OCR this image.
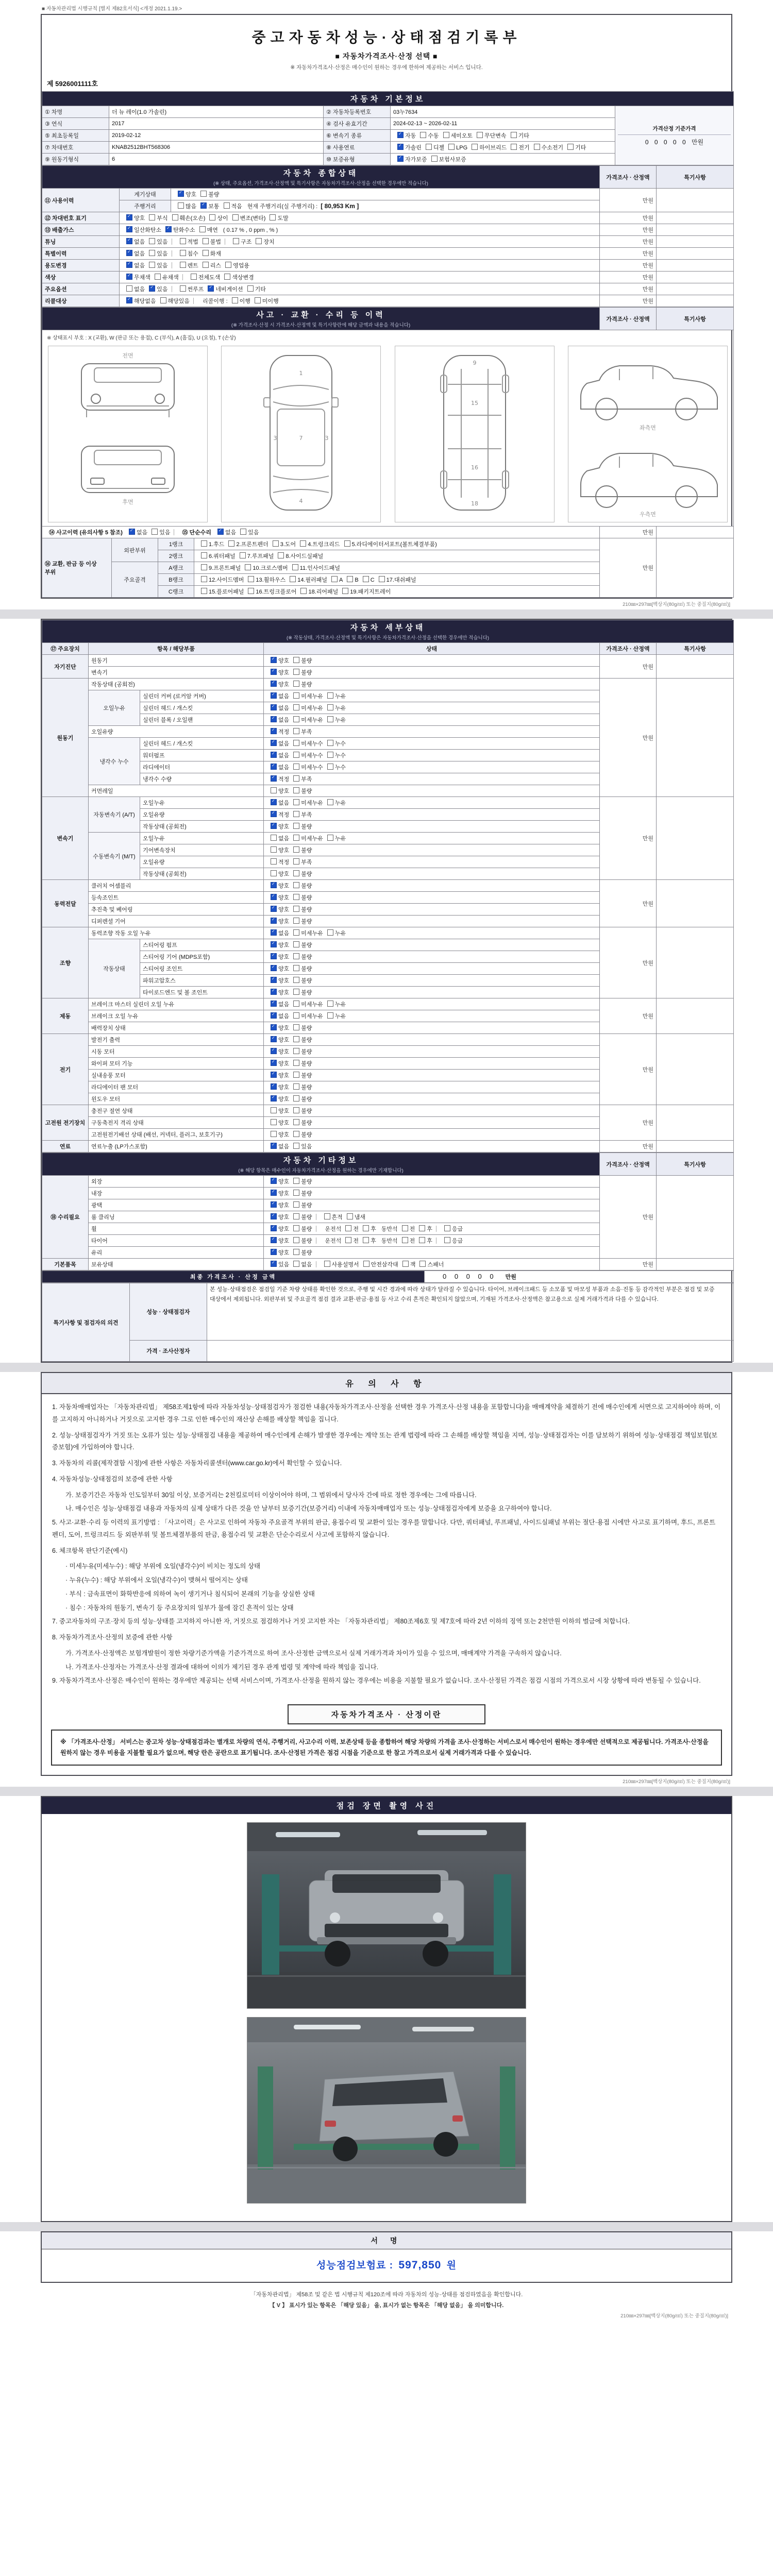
■ 자동차관리법 시행규칙 [별지 제82호서식] <개정 2021.1.19.>
중고자동차성능·상태점검기록부
■ 자동차가격조사·산정 선택 ■
※ 자동차가격조사·산정은 매수인이 원하는 경우에 한하여 제공하는 서비스 입니다.
제 5926001111호
자동차 기본정보				

① 차명	더 뉴 레이(1.0 가솔린)	② 자동차등록번호	03누7634	가격산정 기준가격
0 0 0 0 0 만원

③ 연식	2017	④ 검사 유효기간	2024-02-13 ~ 2026-02-11	
⑤ 최초등록일	2019-02-12	⑥ 변속기 종류	✓자동 수동 세미오토 무단변속 기타
⑦ 차대번호	KNAB2512BHT568306	⑧ 사용연료	✓가솔린 디젤 LPG 하이브리드 전기 수소전기 기타
⑨ 원동기형식	6	⑩ 보증유형	✓자가보증 보험사보증
자동차 종합상태
(※ 상태, 주요옵션, 가격조사·산정액 및 특기사항은 자동차가격조사·산정을 선택한 경우에만 적습니다)			가격조사 · 산정액	특기사항
⑪ 사용이력	계기상태	✓양호 불량	만원	
	주행거리	많음 ✓ 보통 적음 현재 주행거리(실 주행거리) : [ 80,953 Km ]
⑫ 차대번호 표기	✓양호 부식 훼손(오손) 상이 변조(변타) 도말		만원	
⑬ 배출가스	✓일산화탄소 ✓ 탄화수소 매연 ( 0.17 % , 0 ppm , % )		만원	
튜닝	✓없음 있음 적법 불법 구조 장치		만원	
특별이력	✓없음 있음 침수 화재		만원	
용도변경	✓없음 있음 렌트 리스 영업용		만원	
색상	✓무채색 유채색 전체도색 색상변경		만원	
주요옵션	없음 ✓ 있음 썬루프 ✓ 네비게이션 기타		만원	
리콜대상	✓해당없음 해당있음 리콜이행 : 이행 미이행		만원	
사고 · 교환 · 수리 등 이력
(※ 가격조사·산정 시 가격조사·산정액 및 특기사항란에 해당 금액과 내용을 적습니다)				가격조사 · 산정액	특기사항

※ 상태표시 부호 : X (교환), W (판금 또는 용접), C (부식), A (흠집), U (요철), T (손상)
전면
후면
1
7
4
3	3
15
16
9
18
좌측면
우측면

⑭ 사고이력 (유의사항 5 참조) ✓ 없음 있음 ⑮ 단순수리 ✓ 없음 있음				만원	
⑯ 교환, 판금 등 이상 부위	외판부위	1랭크	1.후드 2.프론트펜더 3.도어 4.트렁크리드 5.라디에이터서포트(볼트체결부품)	만원	
		2랭크	6.쿼터패널 7.루프패널 8.사이드실패널		
	주요골격	A랭크	9.프론트패널 10.크로스멤버 11.인사이드패널		
		B랭크	12.사이드멤버 13.휠하우스 14.필러패널 A B C 17.대쉬패널		
		C랭크	15.플로어패널 16.트렁크플로어 18.리어패널 19.패키지트레이		
210㎜×297㎜[백상지(80g/㎡) 또는 중질지(80g/㎡)]
자동차 세부상태
(※ 작동상태, 가격조사·산정액 및 특기사항은 자동차가격조사·산정을 선택한 경우에만 적습니다)					

⑰ 주요장치	항목 / 해당부품		상태	가격조사 · 산정액	특기사항
자기진단	원동기	✓양호 불량	만원	
	변속기	✓양호 불량
원동기	작동상태 (공회전)	✓양호 불량	만원	
	오일누유	실린더 커버 (로커암 커버)	✓없음 미세누유 누유
		실린더 헤드 / 개스킷	✓없음 미세누유 누유
		실린더 블록 / 오일팬	✓없음 미세누유 누유
	오일유량	✓적정 부족
	냉각수 누수	실린더 헤드 / 개스킷	✓없음 미세누수 누수
		워터펌프	✓없음 미세누수 누수
		라디에이터	✓없음 미세누수 누수
		냉각수 수량	✓적정 부족
	커먼레일		양호 불량		
변속기	자동변속기 (A/T)	오일누유	✓없음 미세누유 누유	만원	
		오일유량	✓적정 부족
		작동상태 (공회전)	✓양호 불량
	수동변속기 (M/T)	오일누유	없음 미세누유 누유		
		기어변속장치	양호 불량		
		오일유량	적정 부족		
		작동상태 (공회전)	양호 불량		
동력전달	클러치 어셈블리	✓양호 불량	만원	
	등속조인트	✓양호 불량
	추진축 및 베어링	✓양호 불량
	디퍼렌셜 기어	✓양호 불량
조향	동력조향 작동 오일 누유	✓없음 미세누유 누유	만원	
	작동상태	스티어링 펌프	✓양호 불량
		스티어링 기어 (MDPS포함)	✓양호 불량
		스티어링 조인트	✓양호 불량
		파워고압호스	✓양호 불량
		타이로드엔드 및 볼 조인트	✓양호 불량
제동	브레이크 마스터 실린더 오일 누유	✓없음 미세누유 누유	만원	
	브레이크 오일 누유	✓없음 미세누유 누유
	배력장치 상태	✓양호 불량
전기	발전기 출력	✓양호 불량	만원	
	시동 모터	✓양호 불량
	와이퍼 모터 기능	✓양호 불량
	실내송풍 모터	✓양호 불량
	라디에이터 팬 모터	✓양호 불량
	윈도우 모터	✓양호 불량
고전원 전기장치	충전구 절연 상태		양호 불량	만원	
	구동축전지 격리 상태		양호 불량		
	고전원전기배선 상태 (배선, 커넥터, 플러그, 보호기구)		양호 불량		
연료	연료누출 (LP가스포함)	✓없음 있음	만원	
자동차 기타정보
(※ 해당 항목은 매수인이 자동차가격조사·산정을 원하는 경우에만 기재합니다)			가격조사 · 산정액	특기사항
⑱ 수리필요	외장	✓양호 불량	만원	
	내장	✓양호 불량
	광택	✓양호 불량
	룸 클리닝	✓양호 불량 흔적 냄새
	휠	✓양호 불량 운전석 전 후 동반석 전 후 응급
	타이어	✓양호 불량 운전석 전 후 동반석 전 후 응급
	유리	✓양호 불량
기본품목	보유상태	✓있음 없음 사용설명서 안전삼각대 잭 스패너	만원	
최종 가격조사 · 산정 금액	0 0 0 0 0 만원
특기사항 및 점검자의 의견	성능 · 상태점검자	본 성능·상태점검은 점검일 기준 차량 상태를 확인한 것으로, 주행 및 시간 경과에 따라 상태가 달라질 수 있습니다. 타이어, 브레이크패드 등 소모품 및 마모성 부품과 소음·진동 등 감각적인 부분은 점검 및 보증 대상에서 제외됩니다. 외판부위 및 주요골격 점검 결과 교환·판금·용접 등 사고 수리 흔적은 확인되지 않았으며, 기재된 가격조사·산정액은 참고용으로 실제 거래가격과 다를 수 있습니다.
	가격 · 조사산정자	
유 의 사 항
1. 자동차매매업자는 「자동차관리법」 제58조제1항에 따라 자동차성능·상태점검자가 점검한 내용(자동차가격조사·산정을 선택한 경우 가격조사·산정 내용을 포함합니다)을 매매계약을 체결하기 전에 매수인에게 서면으로 고지하여야 하며, 이를 고지하지 아니하거나 거짓으로 고지한 경우 그로 인한 매수인의 재산상 손해를 배상할 책임을 집니다.
2. 성능·상태점검자가 거짓 또는 오류가 있는 성능·상태점검 내용을 제공하여 매수인에게 손해가 발생한 경우에는 계약 또는 관계 법령에 따라 그 손해를 배상할 책임을 지며, 성능·상태점검자는 이를 담보하기 위하여 성능·상태점검 책임보험(보증보험)에 가입하여야 합니다.
3. 자동차의 리콜(제작결함 시정)에 관한 사항은 자동차리콜센터(www.car.go.kr)에서 확인할 수 있습니다.
4. 자동차성능·상태점검의 보증에 관한 사항
가. 보증기간은 자동차 인도일부터 30일 이상, 보증거리는 2천킬로미터 이상이어야 하며, 그 범위에서 당사자 간에 따로 정한 경우에는 그에 따릅니다.
나. 매수인은 성능·상태점검 내용과 자동차의 실제 상태가 다른 것을 안 날부터 보증기간(보증거리) 이내에 자동차매매업자 또는 성능·상태점검자에게 보증을 요구하여야 합니다.
5. 사고·교환·수리 등 이력의 표기방법 : 「사고이력」은 사고로 인하여 자동차 주요골격 부위의 판금, 용접수리 및 교환이 있는 경우를 말합니다. 다만, 쿼터패널, 루프패널, 사이드실패널 부위는 절단·용접 시에만 사고로 표기하며, 후드, 프론트펜더, 도어, 트렁크리드 등 외판부위 및 볼트체결부품의 판금, 용접수리 및 교환은 단순수리로서 사고에 포함하지 않습니다.
6. 체크항목 판단기준(예시)
· 미세누유(미세누수) : 해당 부위에 오일(냉각수)이 비치는 정도의 상태
· 누유(누수) : 해당 부위에서 오일(냉각수)이 맺혀서 떨어지는 상태
· 부식 : 금속표면이 화학반응에 의하여 녹이 생기거나 침식되어 본래의 기능을 상실한 상태
· 침수 : 자동차의 원동기, 변속기 등 주요장치의 일부가 물에 잠긴 흔적이 있는 상태
7. 중고자동차의 구조·장치 등의 성능·상태를 고지하지 아니한 자, 거짓으로 점검하거나 거짓 고지한 자는 「자동차관리법」 제80조제6호 및 제7호에 따라 2년 이하의 징역 또는 2천만원 이하의 벌금에 처합니다.
8. 자동차가격조사·산정의 보증에 관한 사항
가. 가격조사·산정액은 보험개발원이 정한 차량기준가액을 기준가격으로 하여 조사·산정한 금액으로서 실제 거래가격과 차이가 있을 수 있으며, 매매계약 가격을 구속하지 않습니다.
나. 가격조사·산정자는 가격조사·산정 결과에 대하여 이의가 제기된 경우 관계 법령 및 계약에 따라 책임을 집니다.
9. 자동차가격조사·산정은 매수인이 원하는 경우에만 제공되는 선택 서비스이며, 가격조사·산정을 원하지 않는 경우에는 비용을 지불할 필요가 없습니다. 조사·산정된 가격은 점검 시점의 가격으로서 시장 상황에 따라 변동될 수 있습니다.
자동차가격조사 · 산정이란
※ 「가격조사·산정」 서비스는 중고차 성능·상태점검과는 별개로 차량의 연식, 주행거리, 사고수리 이력, 보존상태 등을 종합하여 해당 차량의 가격을 조사·산정하는 서비스로서 매수인이 원하는 경우에만 선택적으로 제공됩니다. 가격조사·산정을 원하지 않는 경우 비용을 지불할 필요가 없으며, 해당 란은 공란으로 표기됩니다. 조사·산정된 가격은 점검 시점을 기준으로 한 참고 가격으로서 실제 거래가격과 다를 수 있습니다.
210㎜×297㎜[백상지(80g/㎡) 또는 중질지(80g/㎡)]
점검 장면 촬영 사진
서 명
성능점검보험료 : 597,850 원
「자동차관리법」 제58조 및 같은 법 시행규칙 제120조에 따라 자동차의 성능·상태를 점검하였음을 확인합니다.
【 V 】 표시가 있는 항목은 「해당 있음」 을, 표시가 없는 항목은 「해당 없음」 을 의미합니다.
210㎜×297㎜[백상지(80g/㎡) 또는 중질지(80g/㎡)]
